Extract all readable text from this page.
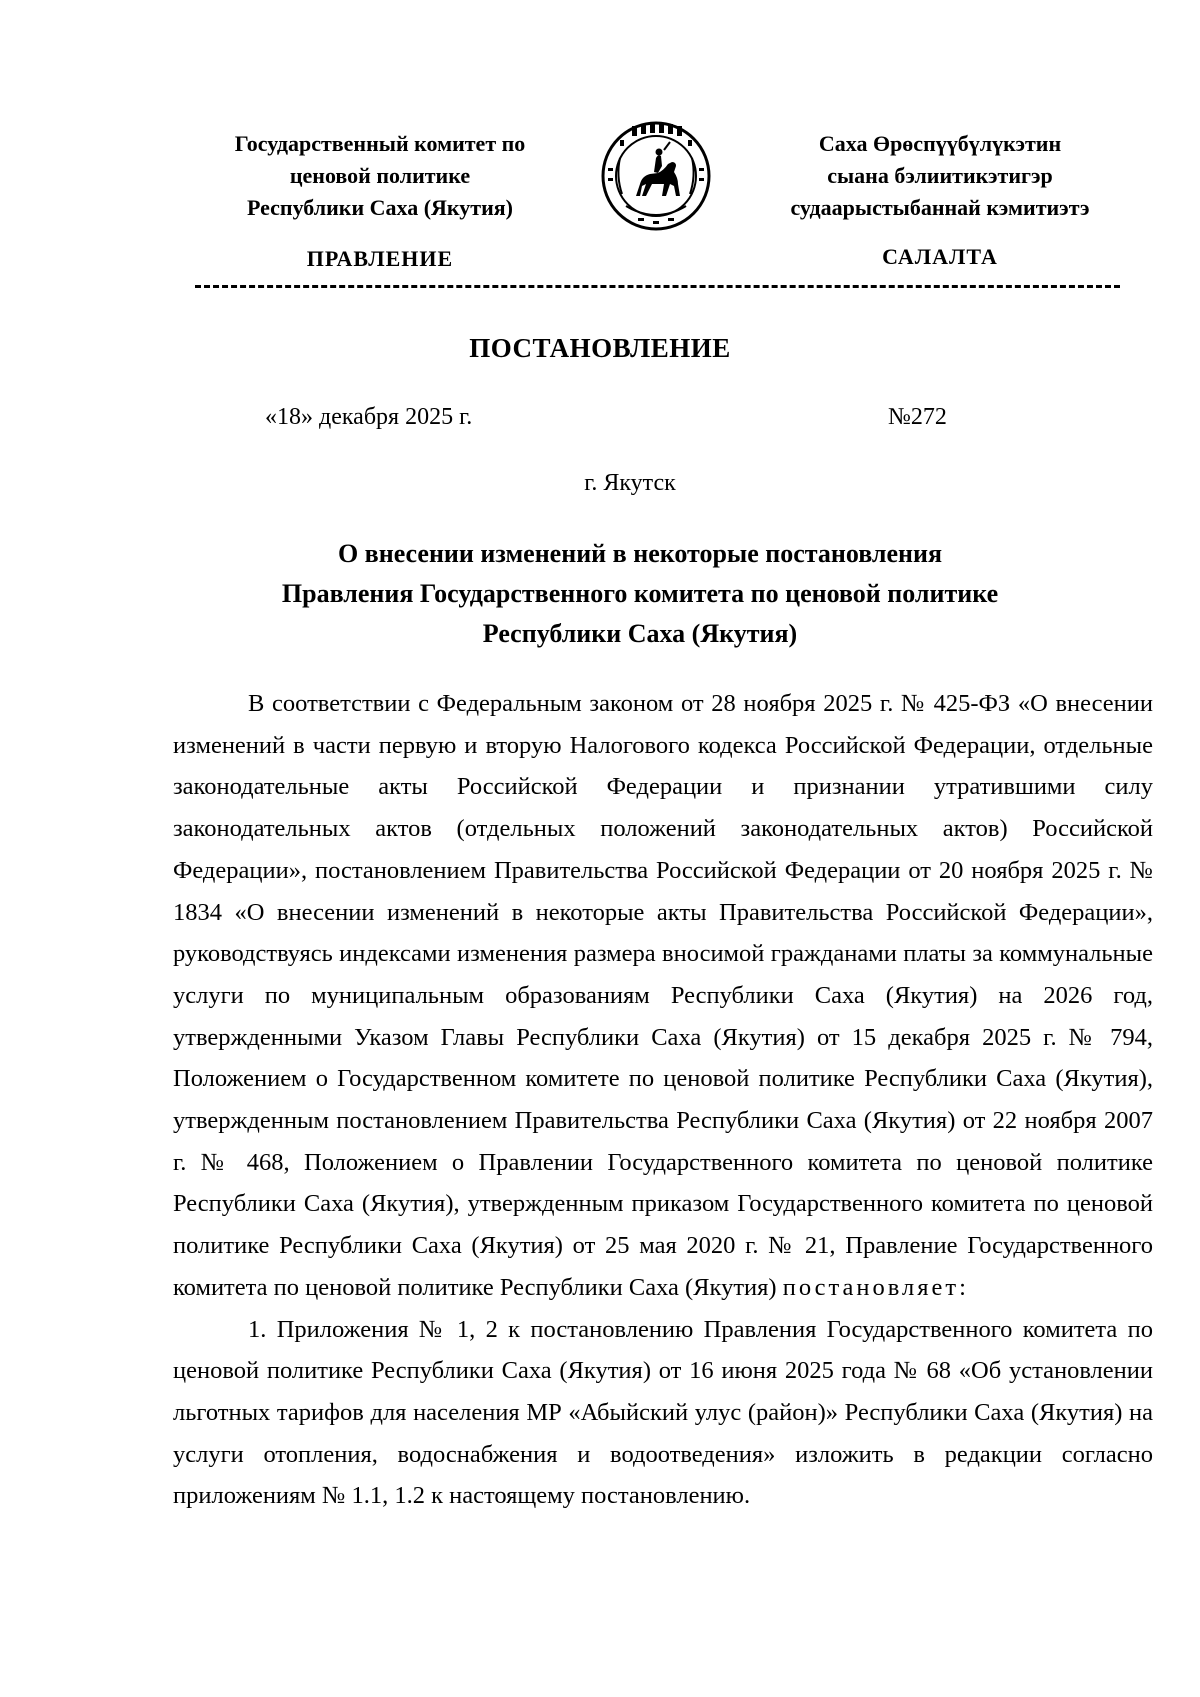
Государственный комитет по
ценовой политике
Республики Саха (Якутия)
Саха Өрөспүүбүлүкэтин
сыана бэлиитикэтигэр
судаарыстыбаннай кэмитиэтэ
ПРАВЛЕНИЕ	САЛАЛТА
ПОСТАНОВЛЕНИЕ
«18» декабря 2025 г.	№272
г. Якутск
О внесении изменений в некоторые постановления
Правления Государственного комитета по ценовой политике
Республики Саха (Якутия)

В соответствии с Федеральным законом от 28 ноября 2025 г. № 425-ФЗ «О внесении изменений в части первую и вторую Налогового кодекса Российской Федерации, отдельные законодательные акты Российской Федерации и признании утратившими силу законодательных актов (отдельных положений законодательных актов) Российской Федерации», постановлением Правительства Российской Федерации от 20 ноября 2025 г. № 1834 «О внесении изменений в некоторые акты Правительства Российской Федерации», руководствуясь индексами изменения размера вносимой гражданами платы за коммунальные услуги по муниципальным образованиям Республики Саха (Якутия) на 2026 год, утвержденными Указом Главы Республики Саха (Якутия) от 15 декабря 2025 г. № 794, Положением о Государственном комитете по ценовой политике Республики Саха (Якутия), утвержденным постановлением Правительства Республики Саха (Якутия) от 22 ноября 2007 г. № 468, Положением о Правлении Государственного комитета по ценовой политике Республики Саха (Якутия), утвержденным приказом Государственного комитета по ценовой политике Республики Саха (Якутия) от 25 мая 2020 г. № 21, Правление Государственного комитета по ценовой политике Республики Саха (Якутия) постановляет:

1. Приложения № 1, 2 к постановлению Правления Государственного комитета по ценовой политике Республики Саха (Якутия) от 16 июня 2025 года № 68 «Об установлении льготных тарифов для населения МР «Абыйский улус (район)» Республики Саха (Якутия) на услуги отопления, водоснабжения и водоотведения» изложить в редакции согласно приложениям № 1.1, 1.2 к настоящему постановлению.
